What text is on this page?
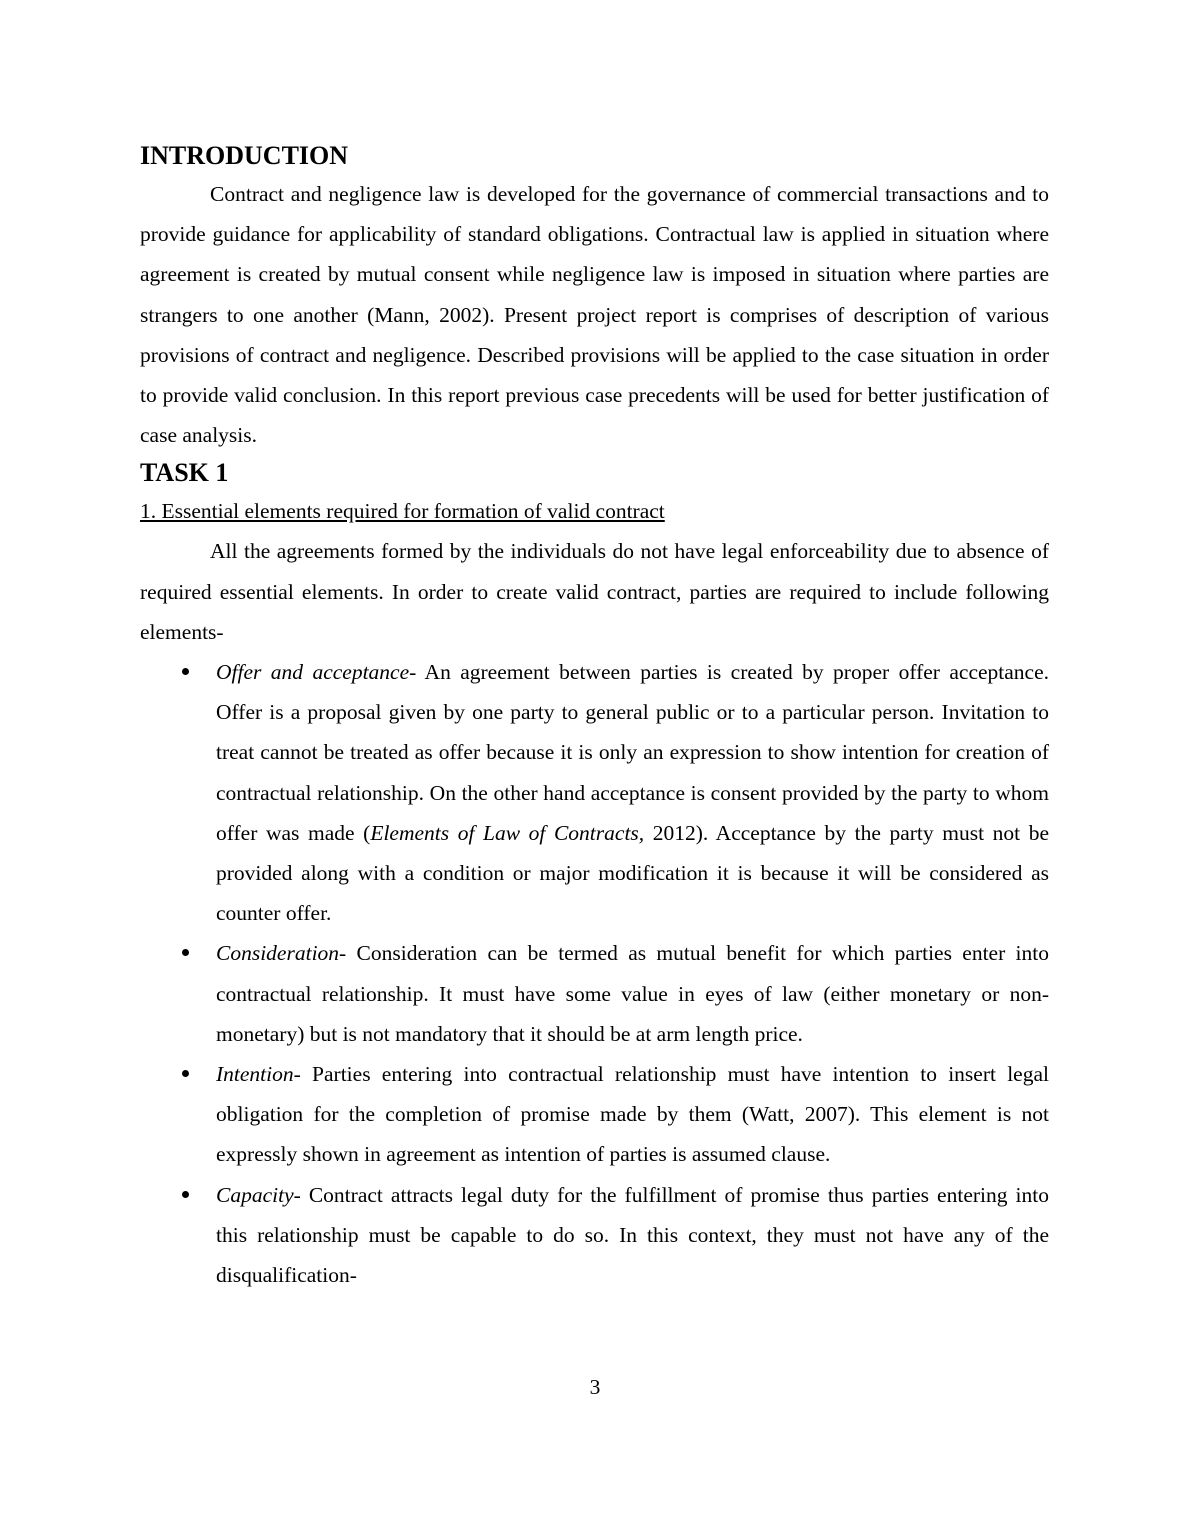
INTRODUCTION

Contract and negligence law is developed for the governance of commercial transactions and to provide guidance for applicability of standard obligations. Contractual law is applied in situation where agreement is created by mutual consent while negligence law is imposed in situation where parties are strangers to one another (Mann, 2002). Present project report is comprises of description of various provisions of contract and negligence. Described provisions will be applied to the case situation in order to provide valid conclusion. In this report previous case precedents will be used for better justification of case analysis.

TASK 1
1. Essential elements required for formation of valid contract

All the agreements formed by the individuals do not have legal enforceability due to absence of required essential elements. In order to create valid contract, parties are required to include following elements-

Offer and acceptance- An agreement between parties is created by proper offer acceptance. Offer is a proposal given by one party to general public or to a particular person. Invitation to treat cannot be treated as offer because it is only an expression to show intention for creation of contractual relationship. On the other hand acceptance is consent provided by the party to whom offer was made (Elements of Law of Contracts, 2012). Acceptance by the party must not be provided along with a condition or major modification it is because it will be considered as counter offer.
Consideration- Consideration can be termed as mutual benefit for which parties enter into contractual relationship. It must have some value in eyes of law (either monetary or non-monetary) but is not mandatory that it should be at arm length price.
Intention- Parties entering into contractual relationship must have intention to insert legal obligation for the completion of promise made by them (Watt, 2007). This element is not expressly shown in agreement as intention of parties is assumed clause.
Capacity- Contract attracts legal duty for the fulfillment of promise thus parties entering into this relationship must be capable to do so. In this context, they must not have any of the disqualification-
3
